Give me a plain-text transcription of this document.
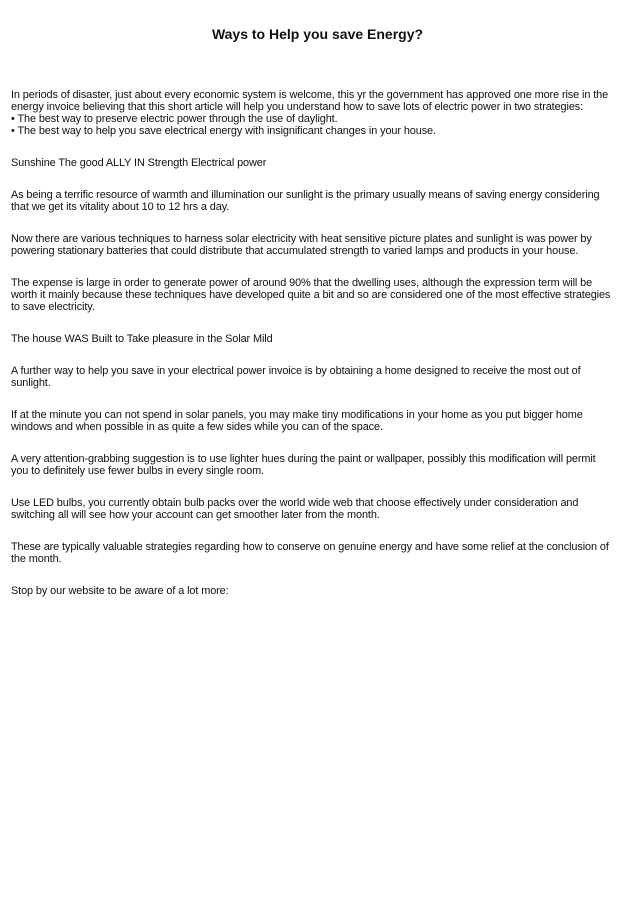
Ways to Help you save Energy?

In periods of disaster, just about every economic system is welcome, this yr the government has approved one more rise in the
energy invoice believing that this short article will help you understand how to save lots of electric power in two strategies:
• The best way to preserve electric power through the use of daylight.
• The best way to help you save electrical energy with insignificant changes in your house.

Sunshine The good ALLY IN Strength Electrical power

As being a terrific resource of warmth and illumination our sunlight is the primary usually means of saving energy considering
that we get its vitality about 10 to 12 hrs a day.

Now there are various techniques to harness solar electricity with heat sensitive picture plates and sunlight is was power by
powering stationary batteries that could distribute that accumulated strength to varied lamps and products in your house.

The expense is large in order to generate power of around 90% that the dwelling uses, although the expression term will be
worth it mainly because these techniques have developed quite a bit and so are considered one of the most effective strategies
to save electricity.

The house WAS Built to Take pleasure in the Solar Mild

A further way to help you save in your electrical power invoice is by obtaining a home designed to receive the most out of
sunlight.

If at the minute you can not spend in solar panels, you may make tiny modifications in your home as you put bigger home
windows and when possible in as quite a few sides while you can of the space.

A very attention-grabbing suggestion is to use lighter hues during the paint or wallpaper, possibly this modification will permit
you to definitely use fewer bulbs in every single room.

Use LED bulbs, you currently obtain bulb packs over the world wide web that choose effectively under consideration and
switching all will see how your account can get smoother later from the month.

These are typically valuable strategies regarding how to conserve on genuine energy and have some relief at the conclusion of
the month.

Stop by our website to be aware of a lot more:
